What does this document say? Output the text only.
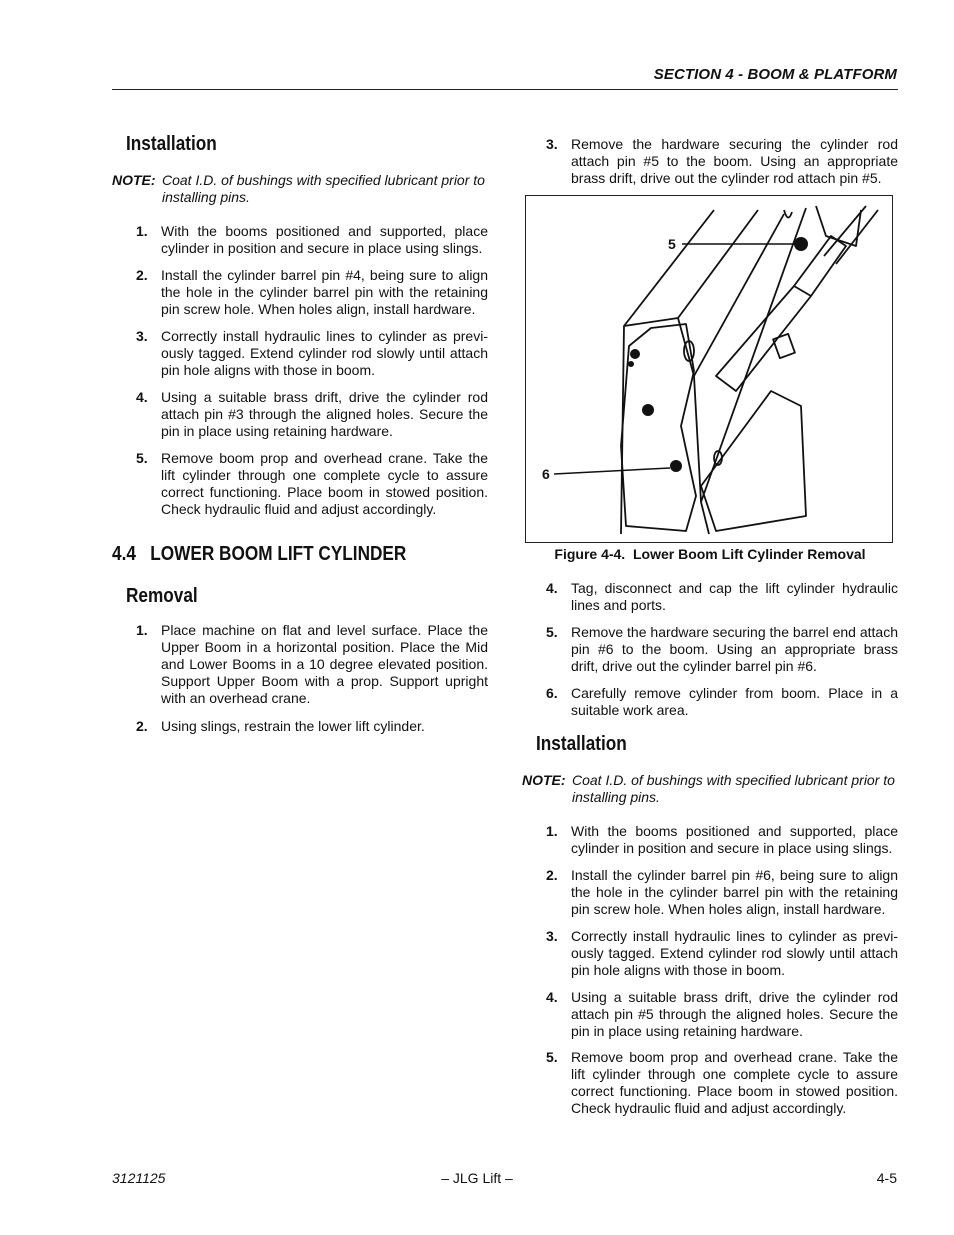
SECTION 4 - BOOM & PLATFORM
Installation
NOTE: Coat I.D. of bushings with specified lubricant prior to
installing pins.
1. With the booms positioned and supported, place
cylinder in position and secure in place using slings.
2. Install the cylinder barrel pin #4, being sure to align
the hole in the cylinder barrel pin with the retaining
pin screw hole. When holes align, install hardware.
3. Correctly install hydraulic lines to cylinder as previ-
ously tagged. Extend cylinder rod slowly until attach
pin hole aligns with those in boom.
4. Using a suitable brass drift, drive the cylinder rod
attach pin #3 through the aligned holes. Secure the
pin in place using retaining hardware.
5. Remove boom prop and overhead crane. Take the
lift cylinder through one complete cycle to assure
correct functioning. Place boom in stowed position.
Check hydraulic fluid and adjust accordingly.
4.4   LOWER BOOM LIFT CYLINDER
Removal
1. Place machine on flat and level surface. Place the
Upper Boom in a horizontal position. Place the Mid
and Lower Booms in a 10 degree elevated position.
Support Upper Boom with a prop. Support upright
with an overhead crane.
2. Using slings, restrain the lower lift cylinder.
3. Remove the hardware securing the cylinder rod
attach pin #5 to the boom. Using an appropriate
brass drift, drive out the cylinder rod attach pin #5.
5
6
Figure 4-4.  Lower Boom Lift Cylinder Removal
4. Tag, disconnect and cap the lift cylinder hydraulic
lines and ports.
5. Remove the hardware securing the barrel end attach
pin #6 to the boom. Using an appropriate brass
drift, drive out the cylinder barrel pin #6.
6. Carefully remove cylinder from boom. Place in a
suitable work area.
Installation
NOTE: Coat I.D. of bushings with specified lubricant prior to
installing pins.
1. With the booms positioned and supported, place
cylinder in position and secure in place using slings.
2. Install the cylinder barrel pin #6, being sure to align
the hole in the cylinder barrel pin with the retaining
pin screw hole. When holes align, install hardware.
3. Correctly install hydraulic lines to cylinder as previ-
ously tagged. Extend cylinder rod slowly until attach
pin hole aligns with those in boom.
4. Using a suitable brass drift, drive the cylinder rod
attach pin #5 through the aligned holes. Secure the
pin in place using retaining hardware.
5. Remove boom prop and overhead crane. Take the
lift cylinder through one complete cycle to assure
correct functioning. Place boom in stowed position.
Check hydraulic fluid and adjust accordingly.
3121125	– JLG Lift –	4-5
